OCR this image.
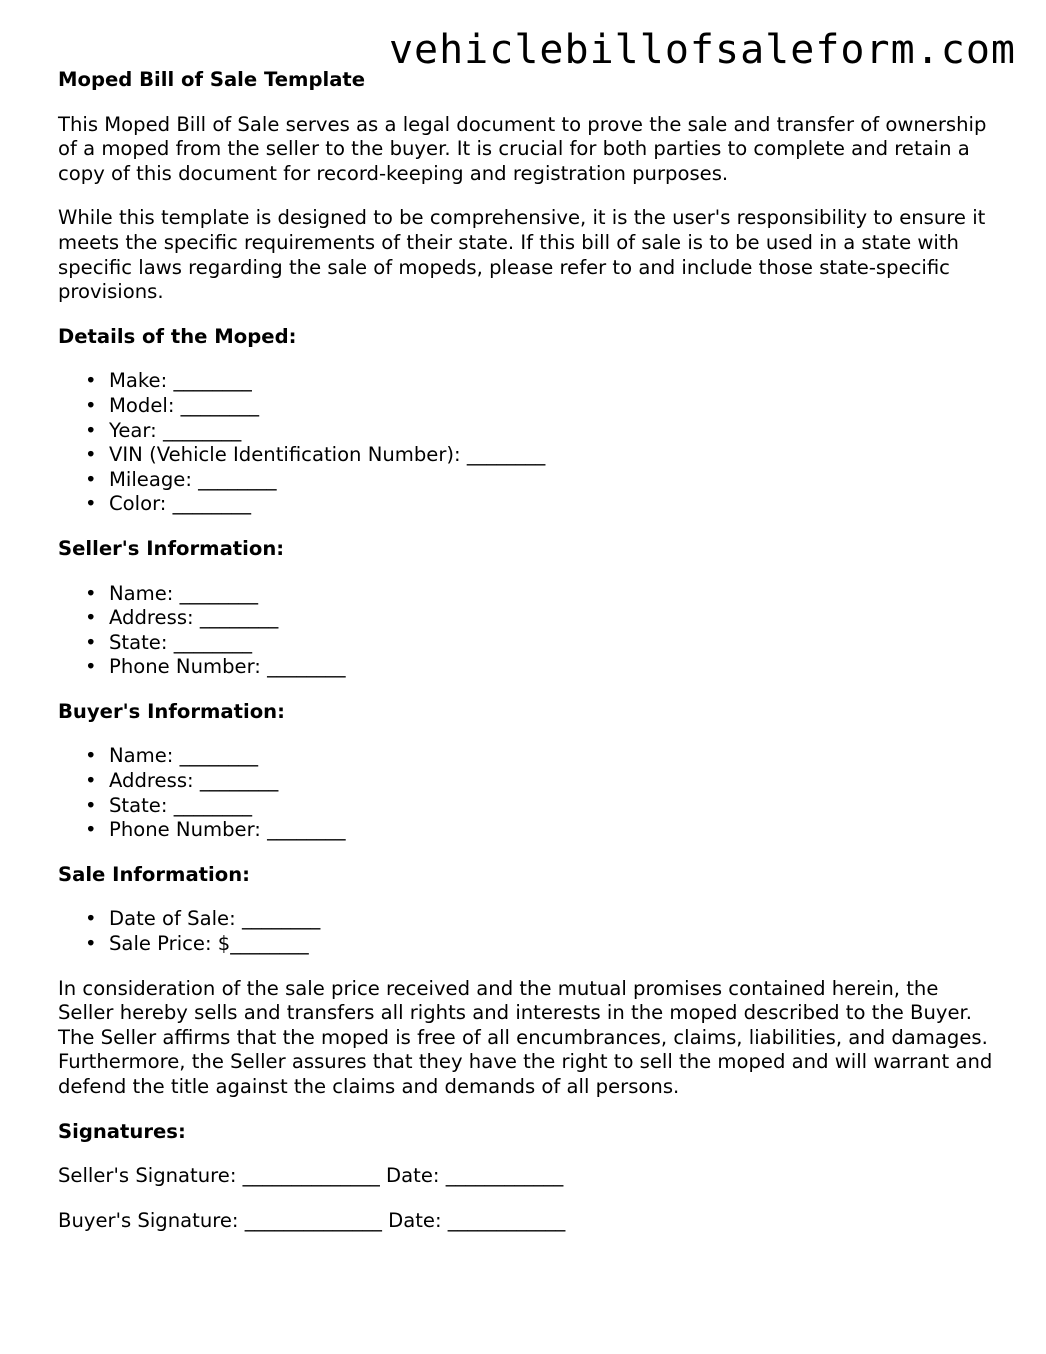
vehiclebillofsaleform.com

Moped Bill of Sale Template

This Moped Bill of Sale serves as a legal document to prove the sale and transfer of ownership of a moped from the seller to the buyer. It is crucial for both parties to complete and retain a copy of this document for record-keeping and registration purposes.

While this template is designed to be comprehensive, it is the user's responsibility to ensure it meets the specific requirements of their state. If this bill of sale is to be used in a state with specific laws regarding the sale of mopeds, please refer to and include those state-specific provisions.

Details of the Moped:

• Make: ________
• Model: ________
• Year: ________
• VIN (Vehicle Identification Number): ________
• Mileage: ________
• Color: ________

Seller's Information:

• Name: ________
• Address: ________
• State: ________
• Phone Number: ________

Buyer's Information:

• Name: ________
• Address: ________
• State: ________
• Phone Number: ________

Sale Information:

• Date of Sale: ________
• Sale Price: $________

In consideration of the sale price received and the mutual promises contained herein, the Seller hereby sells and transfers all rights and interests in the moped described to the Buyer. The Seller affirms that the moped is free of all encumbrances, claims, liabilities, and damages. Furthermore, the Seller assures that they have the right to sell the moped and will warrant and defend the title against the claims and demands of all persons.

Signatures:

Seller's Signature: ______________ Date: ____________

Buyer's Signature: ______________ Date: ____________
